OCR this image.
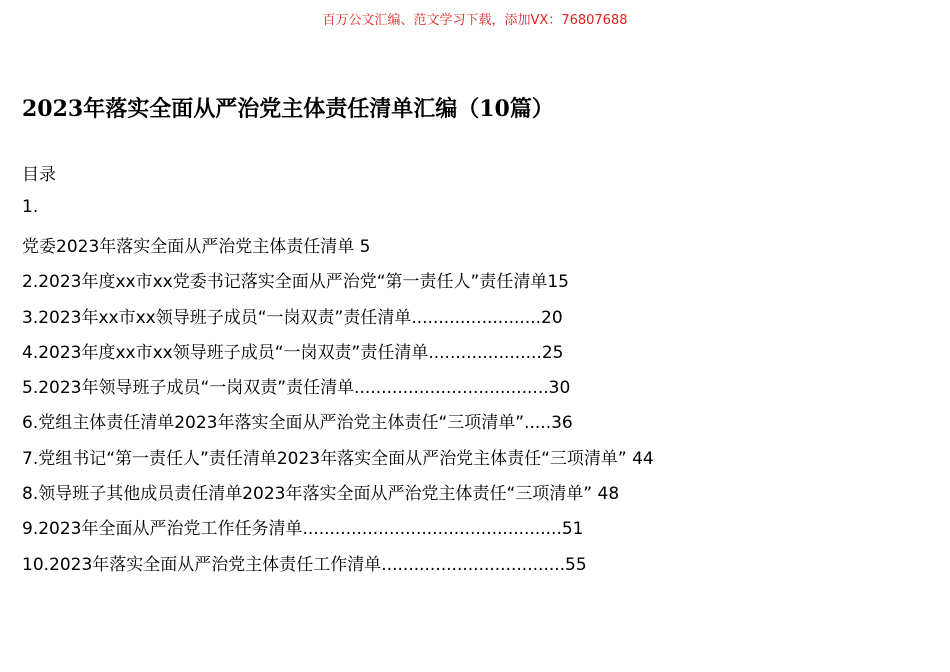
百万公文汇编、范文学习下载，添加VX：76807688
2023年落实全面从严治党主体责任清单汇编（10篇）
目录
1.
党委2023年落实全面从严治党主体责任清单 5
2.2023年度xx市xx党委书记落实全面从严治党“第一责任人”责任清单15
3.2023年xx市xx领导班子成员“一岗双责”责任清单........................20
4.2023年度xx市xx领导班子成员“一岗双责”责任清单.....................25
5.2023年领导班子成员“一岗双责”责任清单....................................30
6.党组主体责任清单2023年落实全面从严治党主体责任“三项清单”.....36
7.党组书记“第一责任人”责任清单2023年落实全面从严治党主体责任“三项清单” 44
8.领导班子其他成员责任清单2023年落实全面从严治党主体责任“三项清单” 48
9.2023年全面从严治党工作任务清单................................................51
10.2023年落实全面从严治党主体责任工作清单..................................55
